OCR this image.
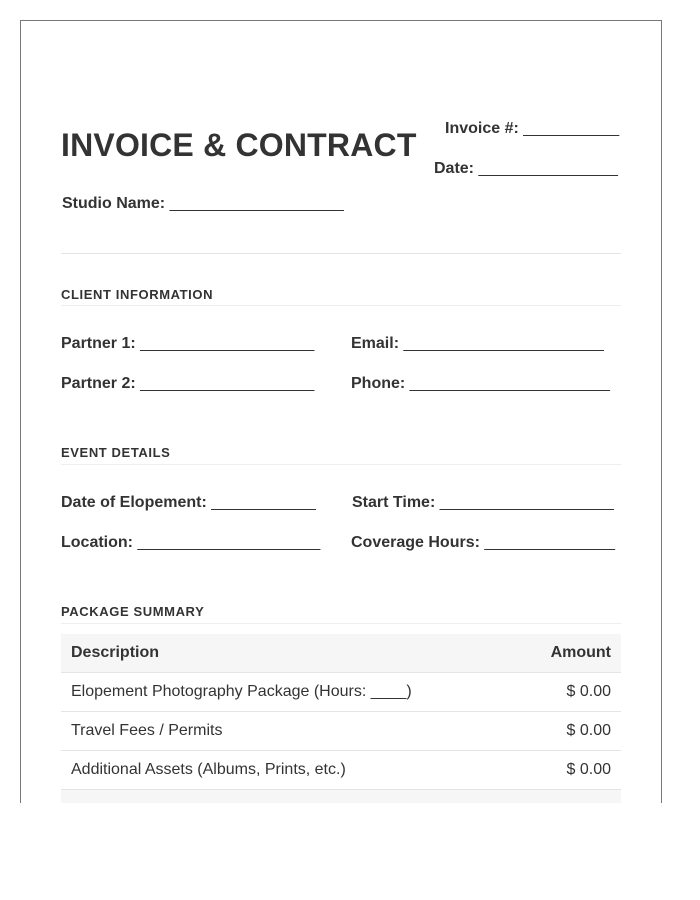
INVOICE & CONTRACT Invoice #: ___________
Date: ________________
Studio Name: ____________________
CLIENT INFORMATION
Partner 1: ____________________ Email: _______________________
Partner 2: ____________________ Phone: _______________________
EVENT DETAILS
Date of Elopement: ____________ Start Time: ____________________
Location: _____________________ Coverage Hours: _______________
PACKAGE SUMMARY
Description	Amount
Elopement Photography Package (Hours: ____)	$ 0.00
Travel Fees / Permits	$ 0.00
Additional Assets (Albums, Prints, etc.)	$ 0.00
